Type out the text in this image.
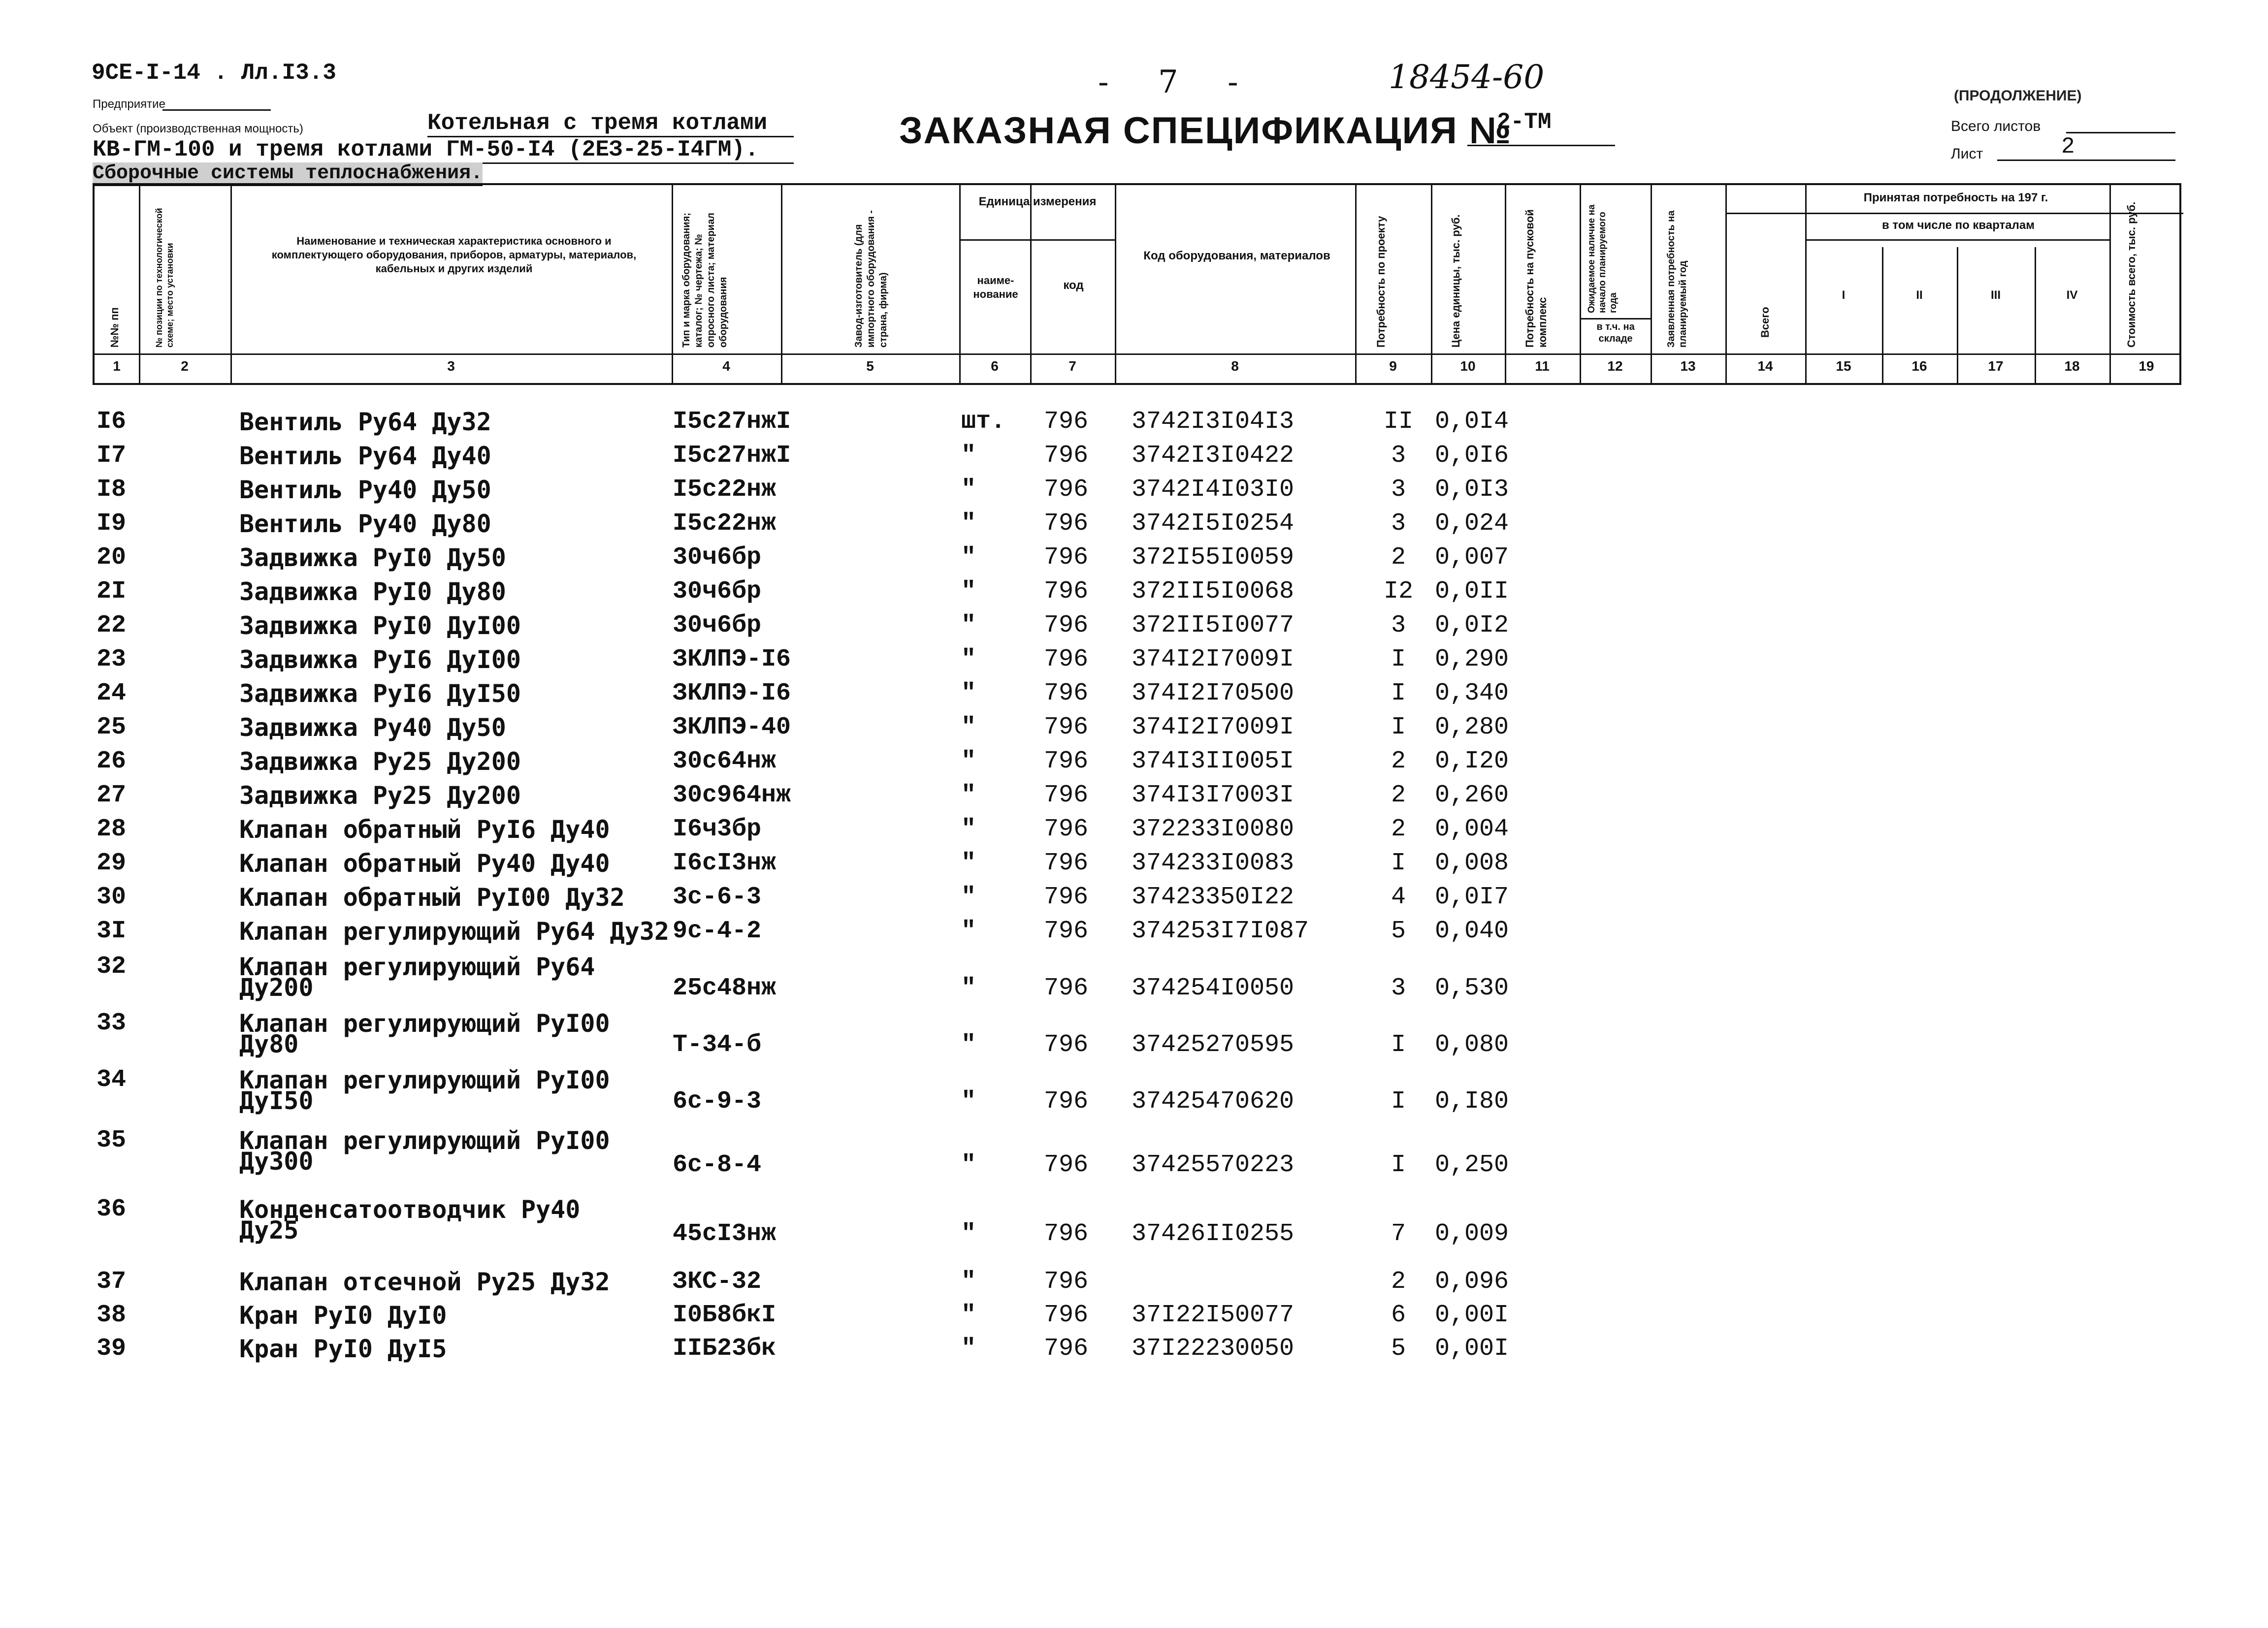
9СЕ-I-14 . Лл.I3.3
Предприятие
Объект (производственная мощность)	Котельная с тремя котлами
КВ-ГМ-100 и тремя котлами ГМ-50-I4 (2ЕЗ-25-I4ГМ).
Сборочные системы теплоснабжения.
- 7 -	18454-60
ЗАКАЗНАЯ СПЕЦИФИКАЦИЯ №
2-ТМ
(ПРОДОЛЖЕНИЕ)
Всего листов
Лист	2
№№ пп	№ позиции по технологической схеме; место установки
Наименование и техническая характеристика основного и комплектующего оборудования, приборов, арматуры, материалов, кабельных и других изделий	Тип и марка оборудования; каталог; № чертежа; № опросного листа; материал оборудования	Завод-изготовитель (для импортного оборудования - страна, фирма)
Единица измерения
наиме-нование
код
Код оборудования, материалов	Потребность по проекту	Цена единицы, тыс. руб.	Потребность на пусковой комплекс
Ожидаемое наличие на начало планируемого года
в т.ч. на складе	Заявленная потребность на планируемый год
Принятая потребность на 197 г.
Всего
в том числе по кварталам
I	II	III	IV	Стоимость всего, тыс. руб.
1	2	3	4	5	6	7	8	9	10	11	12	13	14	15	16	17	18	19
I6	Вентиль Ру64 Ду32	I5с27нжI	шт. 796 3742I3I04I3	II 0,0I4
I7	Вентиль Ру64 Ду40	I5с27нжI	"	796 3742I3I0422	3	0,0I6
I8	Вентиль Ру40 Ду50	I5с22нж	"	796 3742I4I03I0	3	0,0I3
I9	Вентиль Ру40 Ду80	I5с22нж	"	796 3742I5I0254	3	0,024
20	Задвижка РуI0 Ду50	30ч6бр	"	796 372I55I0059	2	0,007
2I	Задвижка РуI0 Ду80	30ч6бр	"	796 372II5I0068	I2 0,0II
22	Задвижка РуI0 ДуI00	30ч6бр	"	796 372II5I0077	3	0,0I2
23	Задвижка РуI6 ДуI00	ЗКЛПЭ-I6	"	796 374I2I7009I	I	0,290
24	Задвижка РуI6 ДуI50	ЗКЛПЭ-I6	"	796 374I2I70500	I	0,340
25	Задвижка Ру40 Ду50	ЗКЛПЭ-40	"	796 374I2I7009I	I	0,280
26	Задвижка Ру25 Ду200	30с64нж	"	796 374I3II005I	2	0,I20
27	Задвижка Ру25 Ду200	30с964нж	"	796 374I3I7003I	2	0,260
28	Клапан обратный РуI6 Ду40	I6ч3бр	"	796 372233I0080	2	0,004
29	Клапан обратный Ру40 Ду40	I6сI3нж	"	796 374233I0083	I	0,008
30	Клапан обратный РуI00 Ду32 3с-6-3	"	796 37423350I22	4	0,0I7
3I	Клапан регулирующий Ру64 Ду32 9с-4-2	"	796 374253I7I087	5	0,040
32	Клапан регулирующий Ру64
Ду200	25с48нж	"	796 374254I0050	3	0,530
33	Клапан регулирующий РуI00
Ду80	Т-34-б	"	796 37425270595	I	0,080
34	Клапан регулирующий РуI00
ДуI50	6с-9-3	"	796 37425470620	I	0,I80
35	Клапан регулирующий РуI00
Ду300	6с-8-4	"	796 37425570223	I	0,250
36	Конденсатоотводчик Ру40
Ду25	45сI3нж	"	796 37426II0255	7	0,009
37	Клапан отсечной Ру25 Ду32	ЗКС-32	"	796	2	0,096
38	Кран РуI0 ДуI0	I0Б8бкI	"	796 37I22I50077	6	0,00I
39	Кран РуI0 ДуI5	IIБ23бк	"	796 37I22230050	5	0,00I
